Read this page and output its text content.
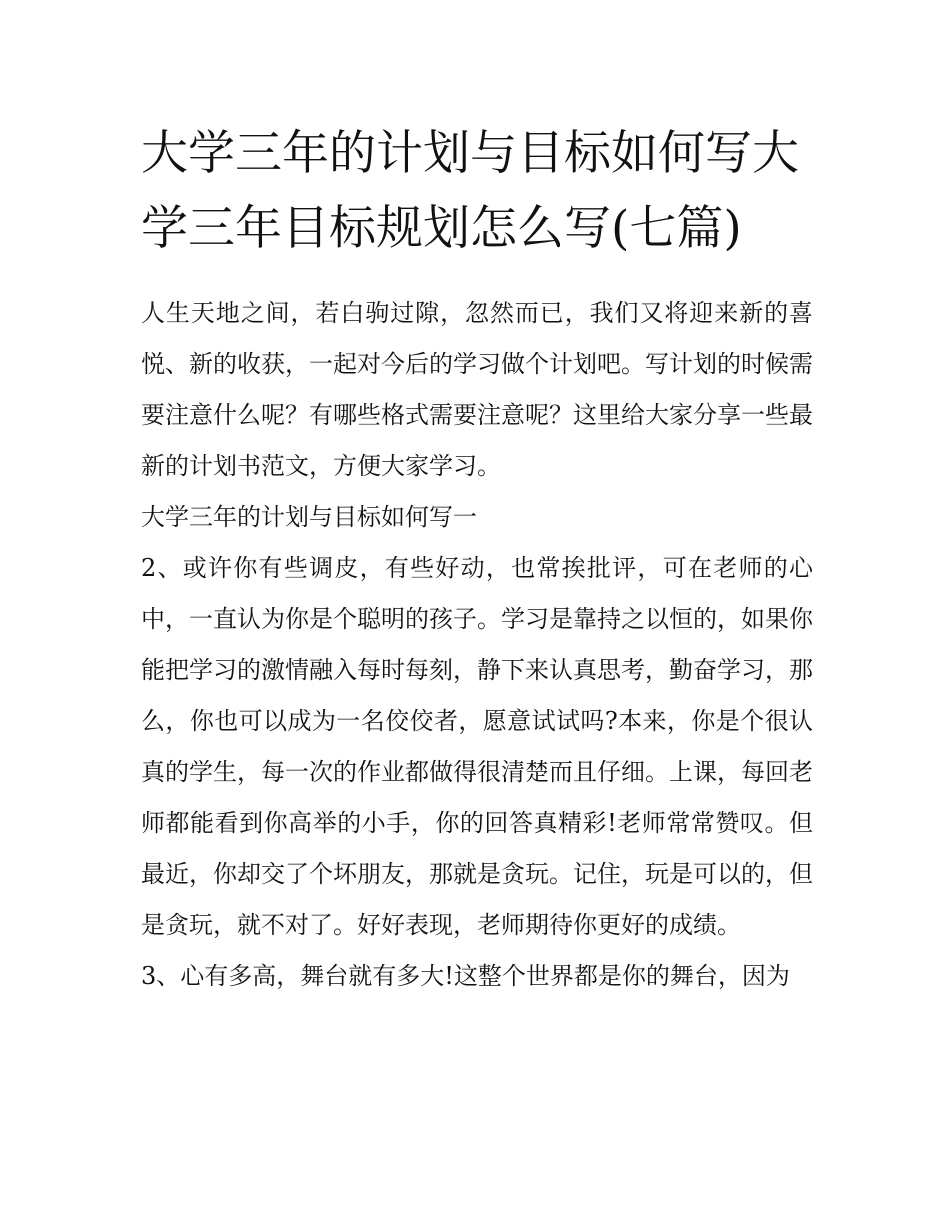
大学三年的计划与目标如何写大学三年目标规划怎么写(七篇)

人生天地之间，若白驹过隙，忽然而已，我们又将迎来新的喜悦、新的收获，一起对今后的学习做个计划吧。写计划的时候需要注意什么呢？有哪些格式需要注意呢？这里给大家分享一些最新的计划书范文，方便大家学习。

大学三年的计划与目标如何写一

2、或许你有些调皮，有些好动，也常挨批评，可在老师的心中，一直认为你是个聪明的孩子。学习是靠持之以恒的，如果你能把学习的激情融入每时每刻，静下来认真思考，勤奋学习，那么，你也可以成为一名佼佼者，愿意试试吗?本来，你是个很认真的学生，每一次的作业都做得很清楚而且仔细。上课，每回老师都能看到你高举的小手，你的回答真精彩!老师常常赞叹。但最近，你却交了个坏朋友，那就是贪玩。记住，玩是可以的，但是贪玩，就不对了。好好表现，老师期待你更好的成绩。

3、心有多高，舞台就有多大!这整个世界都是你的舞台，因为
